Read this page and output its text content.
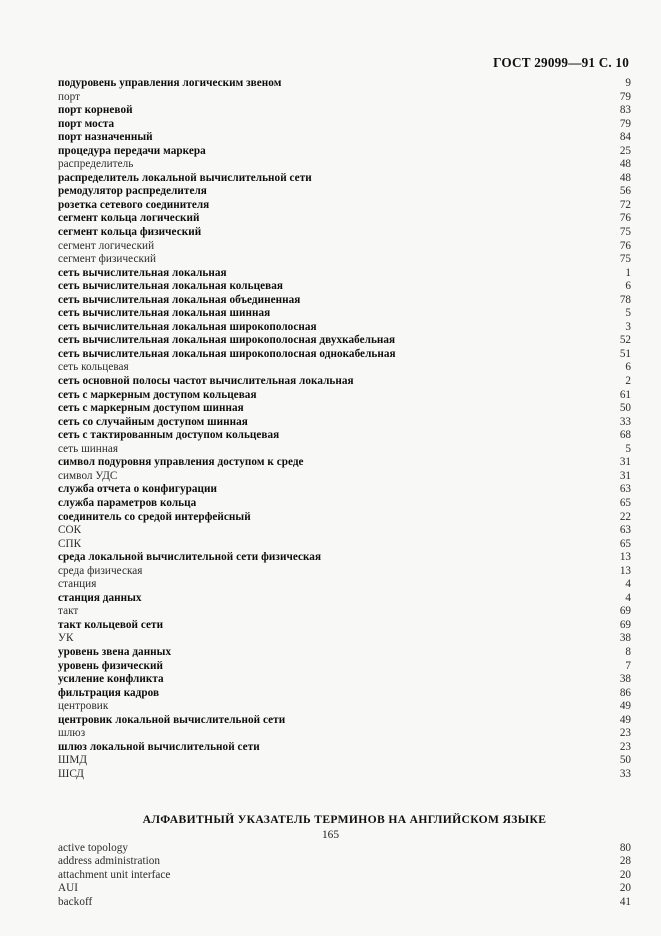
ГОСТ 29099—91 С. 10
подуровень управления логическим звеном	9
порт	79
порт корневой	83
порт моста	79
порт назначенный	84
процедура передачи маркера	25
распределитель	48
распределитель локальной вычислительной сети	48
ремодулятор распределителя	56
розетка сетевого соединителя	72
сегмент кольца логический	76
сегмент кольца физический	75
сегмент логический	76
сегмент физический	75
сеть вычислительная локальная	1
сеть вычислительная локальная кольцевая	6
сеть вычислительная локальная объединенная	78
сеть вычислительная локальная шинная	5
сеть вычислительная локальная широкополосная	3
сеть вычислительная локальная широкополосная двухкабельная	52
сеть вычислительная локальная широкополосная однокабельная	51
сеть кольцевая	6
сеть основной полосы частот вычислительная локальная	2
сеть с маркерным доступом кольцевая	61
сеть с маркерным доступом шинная	50
сеть со случайным доступом шинная	33
сеть с тактированным доступом кольцевая	68
сеть шинная	5
символ подуровня управления доступом к среде	31
символ УДС	31
служба отчета о конфигурации	63
служба параметров кольца	65
соединитель со средой интерфейсный	22
СОК	63
СПК	65
среда локальной вычислительной сети физическая	13
среда физическая	13
станция	4
станция данных	4
такт	69
такт кольцевой сети	69
УК	38
уровень звена данных	8
уровень физический	7
усиление конфликта	38
фильтрация кадров	86
центровик	49
центровик локальной вычислительной сети	49
шлюз	23
шлюз локальной вычислительной сети	23
ШМД	50
ШСД	33
АЛФАВИТНЫЙ УКАЗАТЕЛЬ ТЕРМИНОВ НА АНГЛИЙСКОМ ЯЗЫКЕ
active topology	80
address administration	28
attachment unit interface	20
AUI	20
backoff	41
165
